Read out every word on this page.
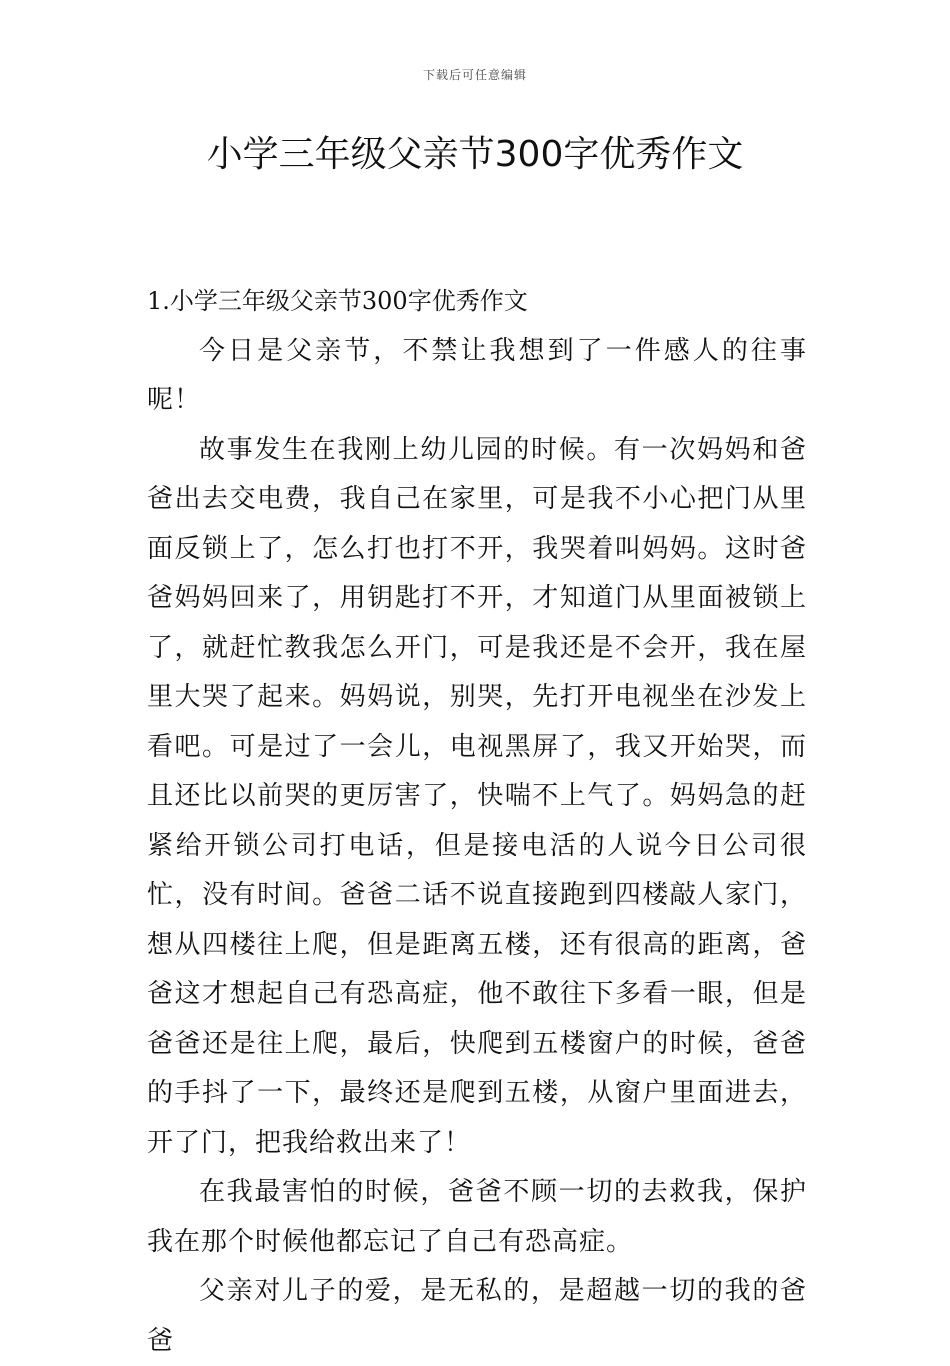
下载后可任意编辑
小学三年级父亲节300字优秀作文

1.小学三年级父亲节300字优秀作文

今日是父亲节，不禁让我想到了一件感人的往事呢！

故事发生在我刚上幼儿园的时候。有一次妈妈和爸爸出去交电费，我自己在家里，可是我不小心把门从里面反锁上了，怎么打也打不开，我哭着叫妈妈。这时爸爸妈妈回来了，用钥匙打不开，才知道门从里面被锁上了，就赶忙教我怎么开门，可是我还是不会开，我在屋里大哭了起来。妈妈说，别哭，先打开电视坐在沙发上看吧。可是过了一会儿，电视黑屏了，我又开始哭，而且还比以前哭的更厉害了，快喘不上气了。妈妈急的赶紧给开锁公司打电话，但是接电活的人说今日公司很忙，没有时间。爸爸二话不说直接跑到四楼敲人家门，想从四楼往上爬，但是距离五楼，还有很高的距离，爸爸这才想起自己有恐高症，他不敢往下多看一眼，但是爸爸还是往上爬，最后，快爬到五楼窗户的时候，爸爸的手抖了一下，最终还是爬到五楼，从窗户里面进去，开了门，把我给救出来了！

在我最害怕的时候，爸爸不顾一切的去救我，保护我在那个时候他都忘记了自己有恐高症。

父亲对儿子的爱，是无私的，是超越一切的我的爸爸
